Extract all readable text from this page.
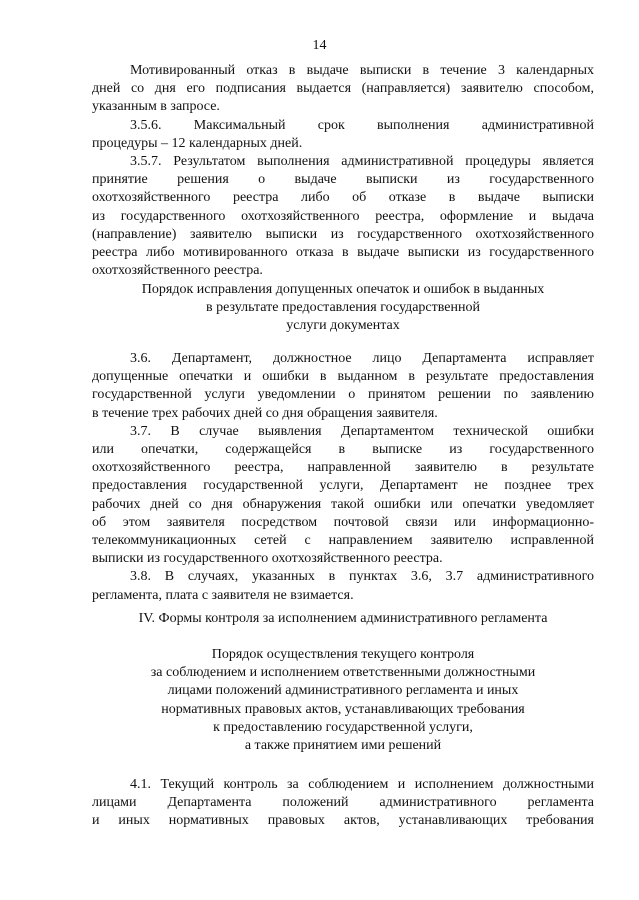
14
Мотивированный отказ в выдаче выписки в течение 3 календарных
дней со дня его подписания выдается (направляется) заявителю способом,
указанным в запросе.
3.5.6. Максимальный срок выполнения административной
процедуры – 12 календарных дней.
3.5.7. Результатом выполнения административной процедуры является
принятие решения о выдаче выписки из государственного
охотхозяйственного реестра либо об отказе в выдаче выписки
из государственного охотхозяйственного реестра, оформление и выдача
(направление) заявителю выписки из государственного охотхозяйственного
реестра либо мотивированного отказа в выдаче выписки из государственного
охотхозяйственного реестра.
Порядок исправления допущенных опечаток и ошибок в выданных
в результате предоставления государственной
услуги документах
3.6. Департамент, должностное лицо Департамента исправляет
допущенные опечатки и ошибки в выданном в результате предоставления
государственной услуги уведомлении о принятом решении по заявлению
в течение трех рабочих дней со дня обращения заявителя.
3.7. В случае выявления Департаментом технической ошибки
или опечатки, содержащейся в выписке из государственного
охотхозяйственного реестра, направленной заявителю в результате
предоставления государственной услуги, Департамент не позднее трех
рабочих дней со дня обнаружения такой ошибки или опечатки уведомляет
об этом заявителя посредством почтовой связи или информационно-
телекоммуникационных сетей с направлением заявителю исправленной
выписки из государственного охотхозяйственного реестра.
3.8. В случаях, указанных в пунктах 3.6, 3.7 административного
регламента, плата с заявителя не взимается.
IV. Формы контроля за исполнением административного регламента
Порядок осуществления текущего контроля
за соблюдением и исполнением ответственными должностными
лицами положений административного регламента и иных
нормативных правовых актов, устанавливающих требования
к предоставлению государственной услуги,
а также принятием ими решений
4.1. Текущий контроль за соблюдением и исполнением должностными
лицами Департамента положений административного регламента
и иных нормативных правовых актов, устанавливающих требования
